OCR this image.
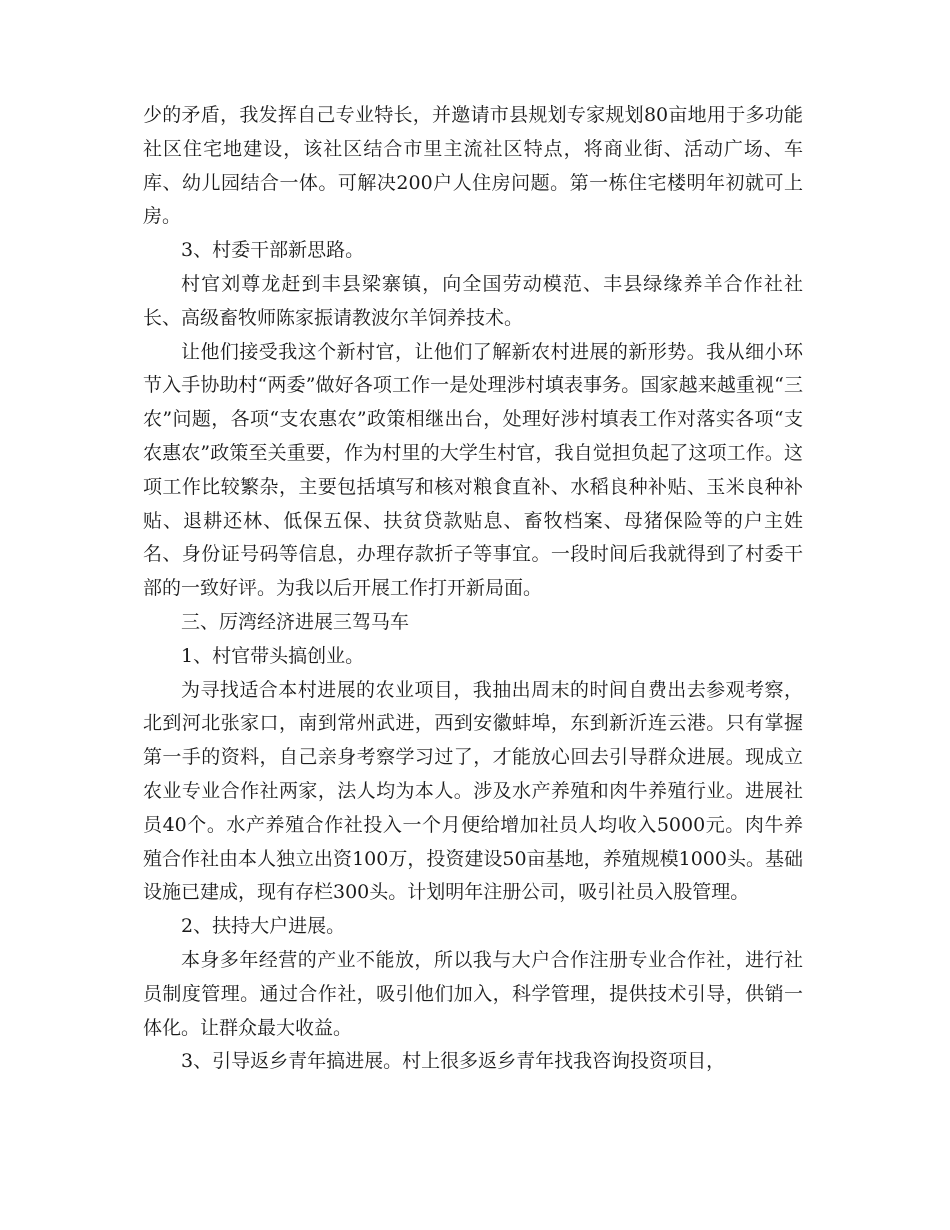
少的矛盾，我发挥自己专业特长，并邀请市县规划专家规划80亩地用于多功能社区住宅地建设，该社区结合市里主流社区特点，将商业街、活动广场、车库、幼儿园结合一体。可解决200户人住房问题。第一栋住宅楼明年初就可上房。

3、村委干部新思路。

村官刘尊龙赶到丰县梁寨镇，向全国劳动模范、丰县绿缘养羊合作社社长、高级畜牧师陈家振请教波尔羊饲养技术。

让他们接受我这个新村官，让他们了解新农村进展的新形势。我从细小环节入手协助村“两委”做好各项工作一是处理涉村填表事务。国家越来越重视“三农”问题，各项“支农惠农”政策相继出台，处理好涉村填表工作对落实各项“支农惠农”政策至关重要，作为村里的大学生村官，我自觉担负起了这项工作。这项工作比较繁杂，主要包括填写和核对粮食直补、水稻良种补贴、玉米良种补贴、退耕还林、低保五保、扶贫贷款贴息、畜牧档案、母猪保险等的户主姓名、身份证号码等信息，办理存款折子等事宜。一段时间后我就得到了村委干部的一致好评。为我以后开展工作打开新局面。

三、厉湾经济进展三驾马车

1、村官带头搞创业。

为寻找适合本村进展的农业项目，我抽出周末的时间自费出去参观考察，北到河北张家口，南到常州武进，西到安徽蚌埠，东到新沂连云港。只有掌握第一手的资料，自己亲身考察学习过了，才能放心回去引导群众进展。现成立农业专业合作社两家，法人均为本人。涉及水产养殖和肉牛养殖行业。进展社员40个。水产养殖合作社投入一个月便给增加社员人均收入5000元。肉牛养殖合作社由本人独立出资100万，投资建设50亩基地，养殖规模1000头。基础设施已建成，现有存栏300头。计划明年注册公司，吸引社员入股管理。

2、扶持大户进展。

本身多年经营的产业不能放，所以我与大户合作注册专业合作社，进行社员制度管理。通过合作社，吸引他们加入，科学管理，提供技术引导，供销一体化。让群众最大收益。

3、引导返乡青年搞进展。村上很多返乡青年找我咨询投资项目，
